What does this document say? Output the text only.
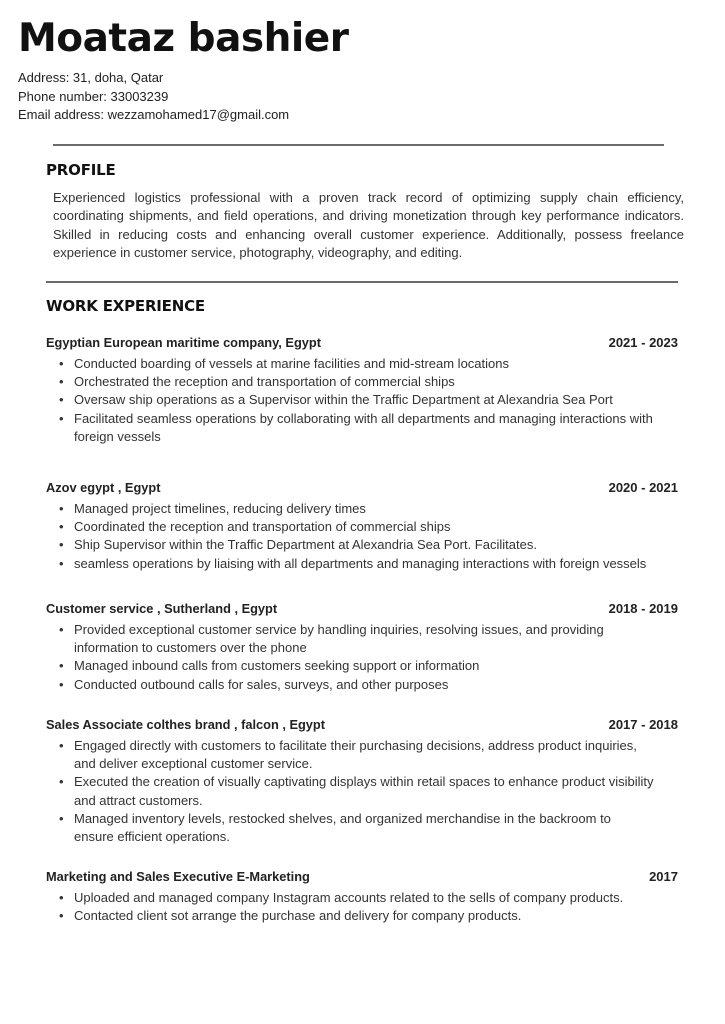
Moataz bashier
Address: 31, doha, Qatar
Phone number: 33003239
Email address: wezzamohamed17@gmail.com
PROFILE

Experienced logistics professional with a proven track record of optimizing supply chain efficiency, coordinating shipments, and field operations, and driving monetization through key performance indicators. Skilled in reducing costs and enhancing overall customer experience. Additionally, possess freelance experience in customer service, photography, videography, and editing.

WORK EXPERIENCE
Egyptian European maritime company, Egypt	2021 - 2023
• Conducted boarding of vessels at marine facilities and mid-stream locations
• Orchestrated the reception and transportation of commercial ships
• Oversaw ship operations as a Supervisor within the Traffic Department at Alexandria Sea Port
• Facilitated seamless operations by collaborating with all departments and managing interactions with foreign vessels
Azov egypt , Egypt	2020 - 2021
• Managed project timelines, reducing delivery times
• Coordinated the reception and transportation of commercial ships
• Ship Supervisor within the Traffic Department at Alexandria Sea Port. Facilitates.
• seamless operations by liaising with all departments and managing interactions with foreign vessels
Customer service , Sutherland , Egypt	2018 - 2019
• Provided exceptional customer service by handling inquiries, resolving issues, and providing information to customers over the phone
• Managed inbound calls from customers seeking support or information
• Conducted outbound calls for sales, surveys, and other purposes
Sales Associate colthes brand , falcon , Egypt	2017 - 2018
• Engaged directly with customers to facilitate their purchasing decisions, address product inquiries, and deliver exceptional customer service.
• Executed the creation of visually captivating displays within retail spaces to enhance product visibility and attract customers.
• Managed inventory levels, restocked shelves, and organized merchandise in the backroom to ensure efficient operations.
Marketing and Sales Executive E-Marketing	2017
• Uploaded and managed company Instagram accounts related to the sells of company products.
• Contacted client sot arrange the purchase and delivery for company products.
